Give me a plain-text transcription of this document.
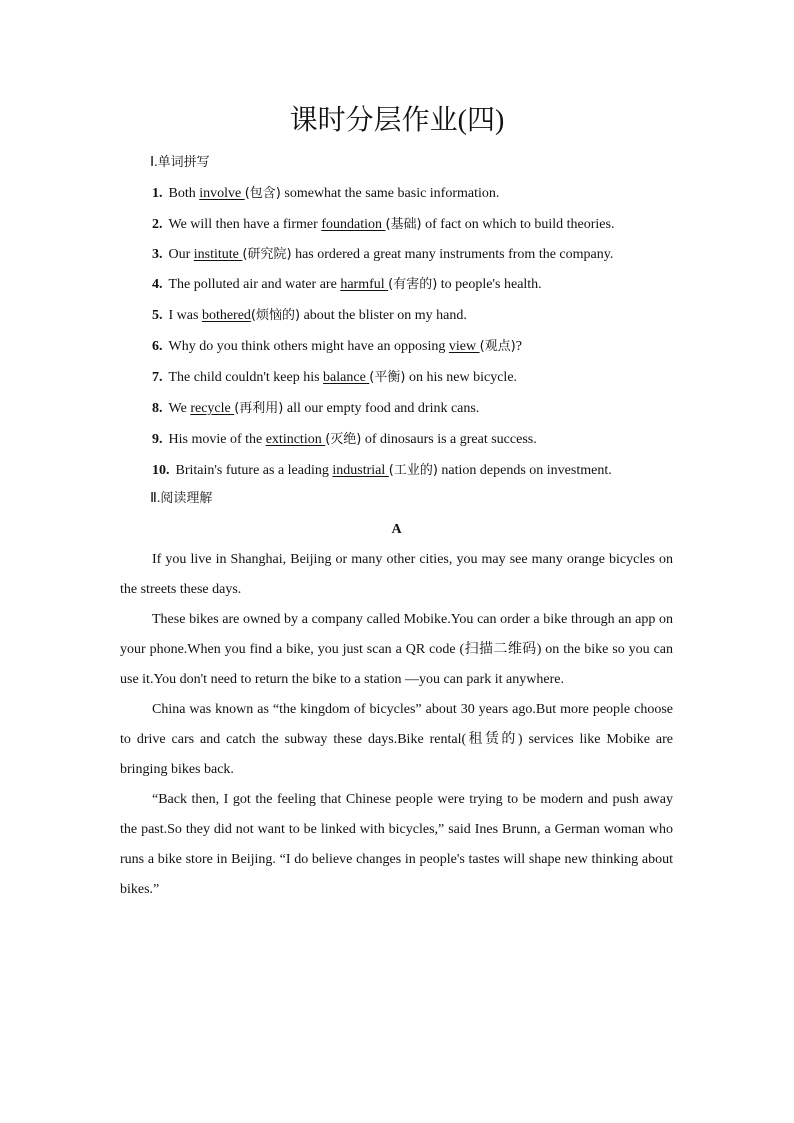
课时分层作业(四)

Ⅰ.单词拼写

1. Both involve (包含) somewhat the same basic information.

2. We will then have a firmer foundation (基础) of fact on which to build theories.

3. Our institute (研究院) has ordered a great many instruments from the company.

4. The polluted air and water are harmful (有害的) to people's health.

5. I was bothered(烦恼的) about the blister on my hand.

6. Why do you think others might have an opposing view (观点)?

7. The child couldn't keep his balance (平衡) on his new bicycle.

8. We recycle (再利用) all our empty food and drink cans.

9. His movie of the extinction (灭绝) of dinosaurs is a great success.

10. Britain's future as a leading industrial (工业的) nation depends on investment.

Ⅱ.阅读理解

A

If you live in Shanghai, Beijing or many other cities, you may see many orange bicycles on the streets these days.

These bikes are owned by a company called Mobike.You can order a bike through an app on your phone.When you find a bike, you just scan a QR code (扫描二维码) on the bike so you can use it.You don't need to return the bike to a station —you can park it anywhere.

China was known as “the kingdom of bicycles” about 30 years ago.But more people choose to drive cars and catch the subway these days.Bike rental(租赁的) services like Mobike are bringing bikes back.

“Back then, I got the feeling that Chinese people were trying to be modern and push away the past.So they did not want to be linked with bicycles,” said Ines Brunn, a German woman who runs a bike store in Beijing. “I do believe changes in people's tastes will shape new thinking about bikes.”
